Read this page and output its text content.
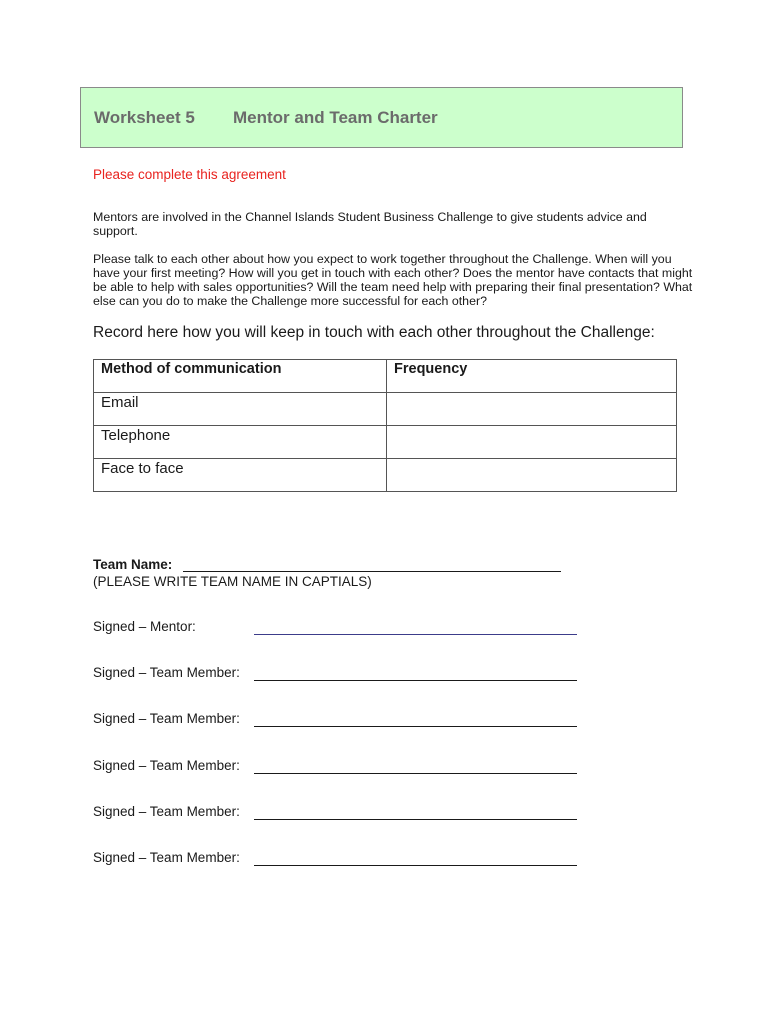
Worksheet 5 Mentor and Team Charter
Please complete this agreement

Mentors are involved in the Channel Islands Student Business Challenge to give students advice and support.

Please talk to each other about how you expect to work together throughout the Challenge. When will you have your first meeting? How will you get in touch with each other? Does the mentor have contacts that might be able to help with sales opportunities? Will the team need help with preparing their final presentation? What else can you do to make the Challenge more successful for each other?

Record here how you will keep in touch with each other throughout the Challenge:
Method of communication	Frequency
Email	
Telephone	
Face to face	
Team Name:
(PLEASE WRITE TEAM NAME IN CAPTIALS)
Signed – Mentor:
Signed – Team Member:
Signed – Team Member:
Signed – Team Member:
Signed – Team Member:
Signed – Team Member:
